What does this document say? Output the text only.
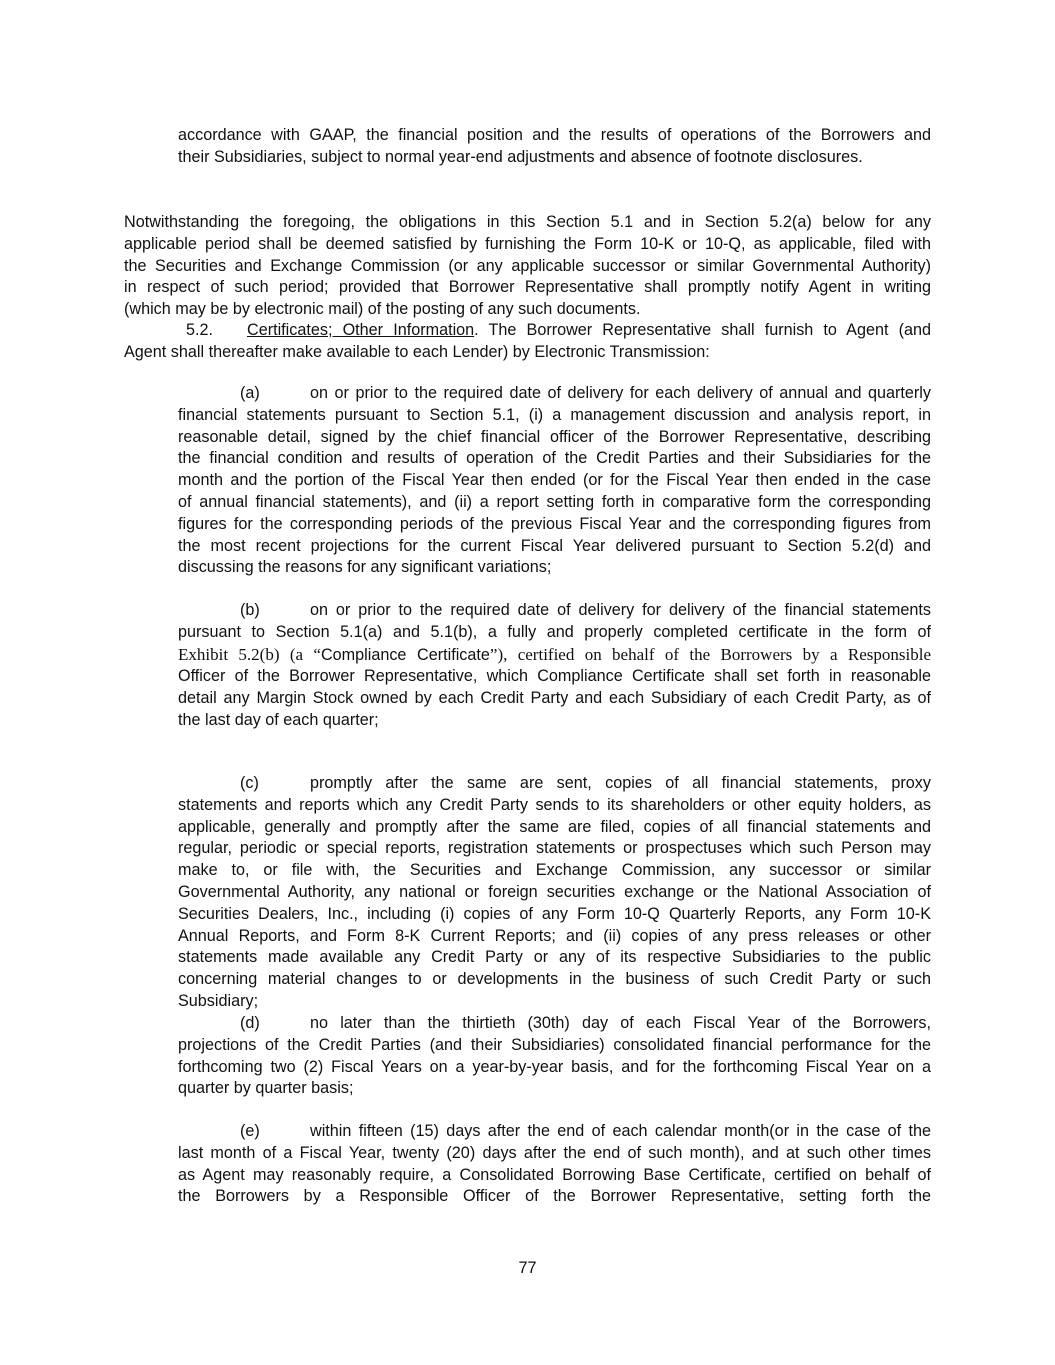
accordance with GAAP, the financial position and the results of operations of the Borrowers and
their Subsidiaries, subject to normal year-end adjustments and absence of footnote disclosures.
Notwithstanding the foregoing, the obligations in this Section 5.1 and in Section 5.2(a) below for any
applicable period shall be deemed satisfied by furnishing the Form 10-K or 10-Q, as applicable, filed with
the Securities and Exchange Commission (or any applicable successor or similar Governmental Authority)
in respect of such period; provided that Borrower Representative shall promptly notify Agent in writing
(which may be by electronic mail) of the posting of any such documents.
5.2. Certificates; Other Information. The Borrower Representative shall furnish to Agent (and
Agent shall thereafter make available to each Lender) by Electronic Transmission:
(a)	on or prior to the required date of delivery for each delivery of annual and quarterly
financial statements pursuant to Section 5.1, (i) a management discussion and analysis report, in
reasonable detail, signed by the chief financial officer of the Borrower Representative, describing
the financial condition and results of operation of the Credit Parties and their Subsidiaries for the
month and the portion of the Fiscal Year then ended (or for the Fiscal Year then ended in the case
of annual financial statements), and (ii) a report setting forth in comparative form the corresponding
figures for the corresponding periods of the previous Fiscal Year and the corresponding figures from
the most recent projections for the current Fiscal Year delivered pursuant to Section 5.2(d) and
discussing the reasons for any significant variations;
(b)	on or prior to the required date of delivery for delivery of the financial statements
pursuant to Section 5.1(a) and 5.1(b), a fully and properly completed certificate in the form of
Exhibit 5.2(b) (a “Compliance Certificate”), certified on behalf of the Borrowers by a Responsible
Officer of the Borrower Representative, which Compliance Certificate shall set forth in reasonable
detail any Margin Stock owned by each Credit Party and each Subsidiary of each Credit Party, as of
the last day of each quarter;
(c)	promptly after the same are sent, copies of all financial statements, proxy
statements and reports which any Credit Party sends to its shareholders or other equity holders, as
applicable, generally and promptly after the same are filed, copies of all financial statements and
regular, periodic or special reports, registration statements or prospectuses which such Person may
make to, or file with, the Securities and Exchange Commission, any successor or similar
Governmental Authority, any national or foreign securities exchange or the National Association of
Securities Dealers, Inc., including (i) copies of any Form 10-Q Quarterly Reports, any Form 10-K
Annual Reports, and Form 8-K Current Reports; and (ii) copies of any press releases or other
statements made available any Credit Party or any of its respective Subsidiaries to the public
concerning material changes to or developments in the business of such Credit Party or such
Subsidiary;
(d)	no later than the thirtieth (30th) day of each Fiscal Year of the Borrowers,
projections of the Credit Parties (and their Subsidiaries) consolidated financial performance for the
forthcoming two (2) Fiscal Years on a year-by-year basis, and for the forthcoming Fiscal Year on a
quarter by quarter basis;
(e)	within fifteen (15) days after the end of each calendar month(or in the case of the
last month of a Fiscal Year, twenty (20) days after the end of such month), and at such other times
as Agent may reasonably require, a Consolidated Borrowing Base Certificate, certified on behalf of
the Borrowers by a Responsible Officer of the Borrower Representative, setting forth the
77
